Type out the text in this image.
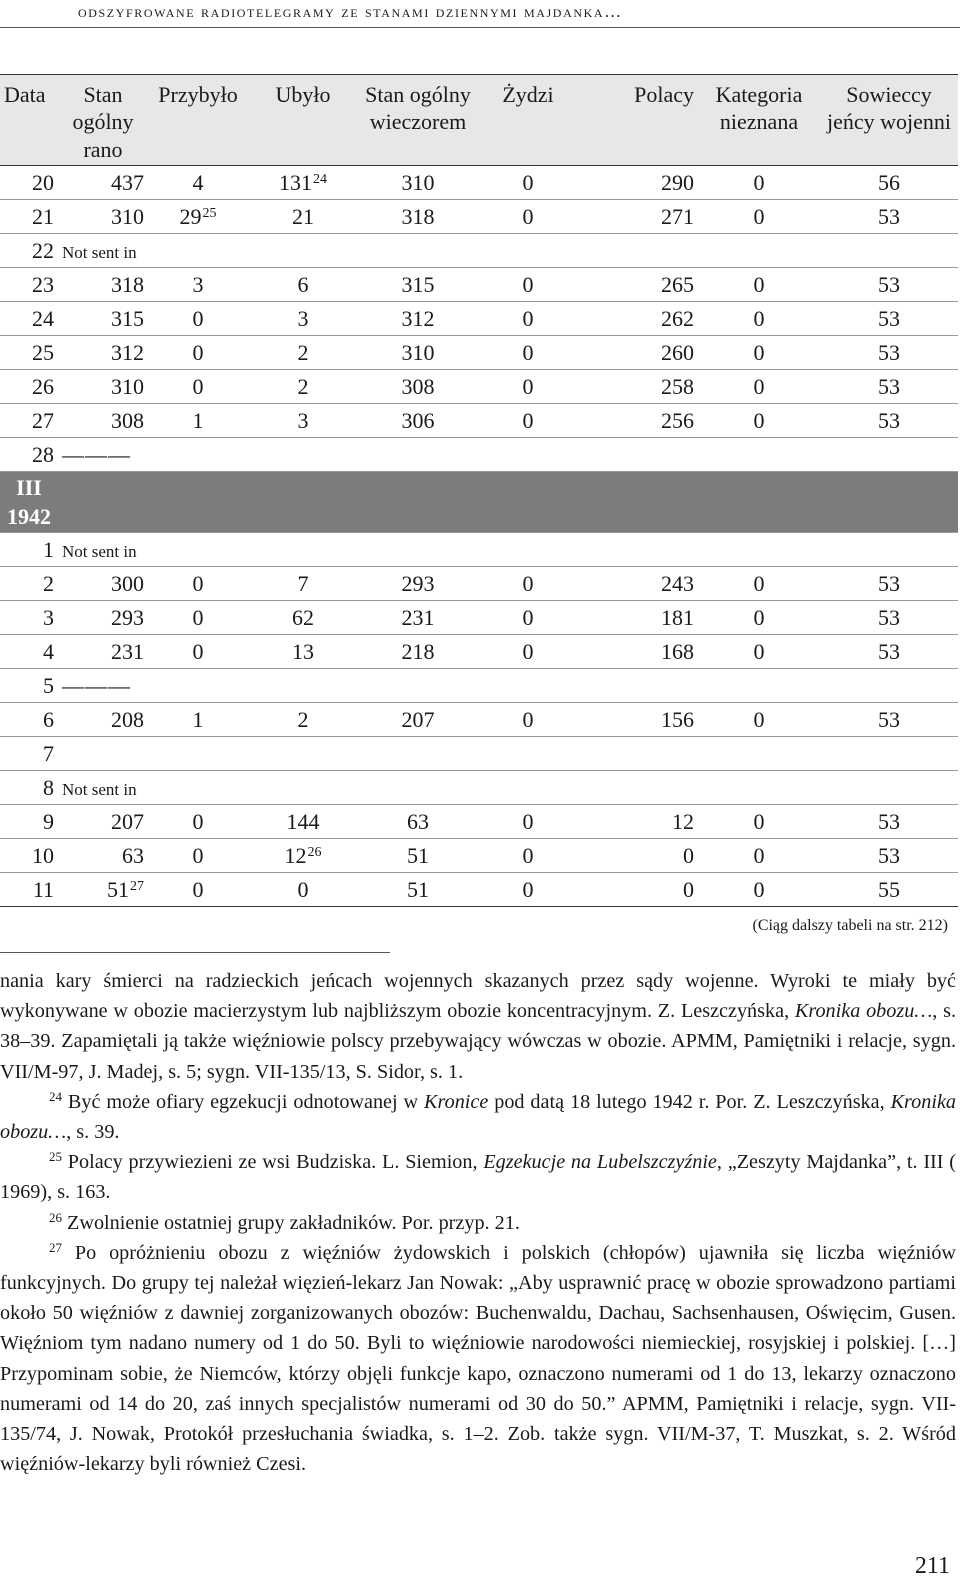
odszyfrowane radiotelegramy ze stanami dziennymi majdanka…
Data	Stan ogólny rano	Przybyło	Ubyło	Stan ogólny wieczorem	Żydzi	Polacy	Kategoria nieznana	Sowieccy jeńcy wojenni
20	437	4	$131^{24}$	310	0	290	0	56
21	310	$29^{25}$	21	318	0	271	0	53
22	Not sent in							
23	318	3	6	315	0	265	0	53
24	315	0	3	312	0	262	0	53
25	312	0	2	310	0	260	0	53
26	310	0	2	308	0	258	0	53
27	308	1	3	306	0	256	0	53
28	———							

III
1942								

1	Not sent in							
2	300	0	7	293	0	243	0	53
3	293	0	62	231	0	181	0	53
4	231	0	13	218	0	168	0	53
5	———							
6	208	1	2	207	0	156	0	53
7								
8	Not sent in							
9	207	0	144	63	0	12	0	53
10	63	0	$12^{26}$	51	0	0	0	53
11	$51^{27}$	0	0	51	0	0	0	55
(Ciąg dalszy tabeli na str. 212)

nania kary śmierci na radzieckich jeńcach wojennych skazanych przez sądy wojenne. Wyroki te miały być wykonywane w obozie macierzystym lub najbliższym obozie koncentracyjnym. Z. Leszczyńska, Kronika obozu…, s. 38–39. Zapamiętali ją także więźniowie polscy przebywający wówczas w obozie. APMM, Pamiętniki i relacje, sygn. VII/M-97, J. Madej, s. 5; sygn. VII-135/13, S. Sidor, s. 1.

$^{24}$ Być może ofiary egzekucji odnotowanej w Kronice pod datą 18 lutego 1942 r. Por. Z. Leszczyńska, Kronika obozu…, s. 39.

$^{25}$ Polacy przywiezieni ze wsi Budziska. L. Siemion, Egzekucje na Lubelszczyźnie, „Zeszyty Majdanka”, t. III ( 1969), s. 163.

$^{26}$ Zwolnienie ostatniej grupy zakładników. Por. przyp. 21.

$^{27}$ Po opróżnieniu obozu z więźniów żydowskich i polskich (chłopów) ujawniła się liczba więźniów funkcyjnych. Do grupy tej należał więzień-lekarz Jan Nowak: „Aby usprawnić pracę w obozie sprowadzono partiami około 50 więźniów z dawniej zorganizowanych obozów: Buchenwaldu, Dachau, Sachsenhausen, Oświęcim, Gusen. Więźniom tym nadano numery od 1 do 50. Byli to więźniowie narodowości niemieckiej, rosyjskiej i polskiej. […] Przypominam sobie, że Niemców, którzy objęli funkcje kapo, oznaczono numerami od 1 do 13, lekarzy oznaczono numerami od 14 do 20, zaś innych specjalistów numerami od 30 do 50.” APMM, Pamiętniki i relacje, sygn. VII-135/74, J. Nowak, Protokół przesłuchania świadka, s. 1–2. Zob. także sygn. VII/M-37, T. Muszkat, s. 2. Wśród więźniów-lekarzy byli również Czesi.

211
